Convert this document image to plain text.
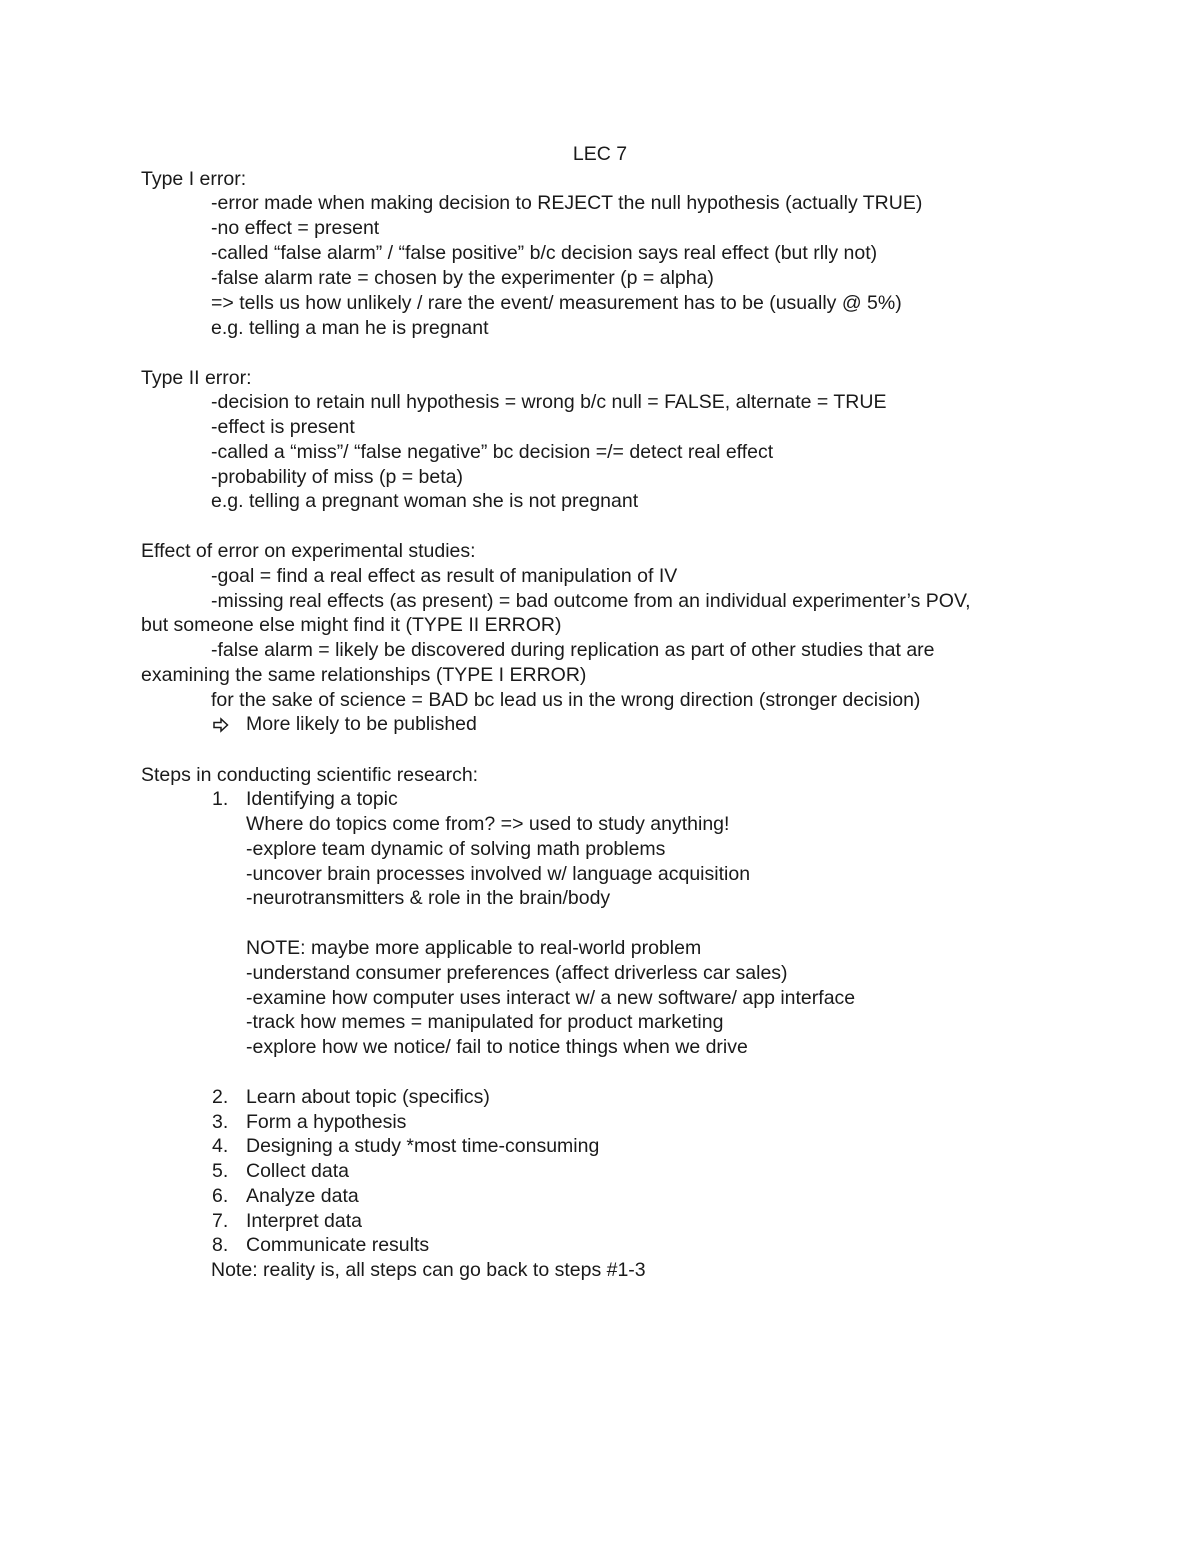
LEC 7
Type I error:
-error made when making decision to REJECT the null hypothesis (actually TRUE)
-no effect = present
-called “false alarm” / “false positive” b/c decision says real effect (but rlly not)
-false alarm rate = chosen by the experimenter (p = alpha)
=> tells us how unlikely / rare the event/ measurement has to be (usually @ 5%)
e.g. telling a man he is pregnant
Type II error:
-decision to retain null hypothesis = wrong b/c null = FALSE, alternate = TRUE
-effect is present
-called a “miss”/ “false negative” bc decision =/= detect real effect
-probability of miss (p = beta)
e.g. telling a pregnant woman she is not pregnant
Effect of error on experimental studies:
-goal = find a real effect as result of manipulation of IV
-missing real effects (as present) = bad outcome from an individual experimenter’s POV,
but someone else might find it (TYPE II ERROR)
-false alarm = likely be discovered during replication as part of other studies that are
examining the same relationships (TYPE I ERROR)
for the sake of science = BAD bc lead us in the wrong direction (stronger decision)
More likely to be published
Steps in conducting scientific research:
1. Identifying a topic
Where do topics come from? => used to study anything!
-explore team dynamic of solving math problems
-uncover brain processes involved w/ language acquisition
-neurotransmitters & role in the brain/body
NOTE: maybe more applicable to real-world problem
-understand consumer preferences (affect driverless car sales)
-examine how computer uses interact w/ a new software/ app interface
-track how memes = manipulated for product marketing
-explore how we notice/ fail to notice things when we drive
2. Learn about topic (specifics)
3. Form a hypothesis
4. Designing a study *most time-consuming
5. Collect data
6. Analyze data
7. Interpret data
8. Communicate results
Note: reality is, all steps can go back to steps #1-3
